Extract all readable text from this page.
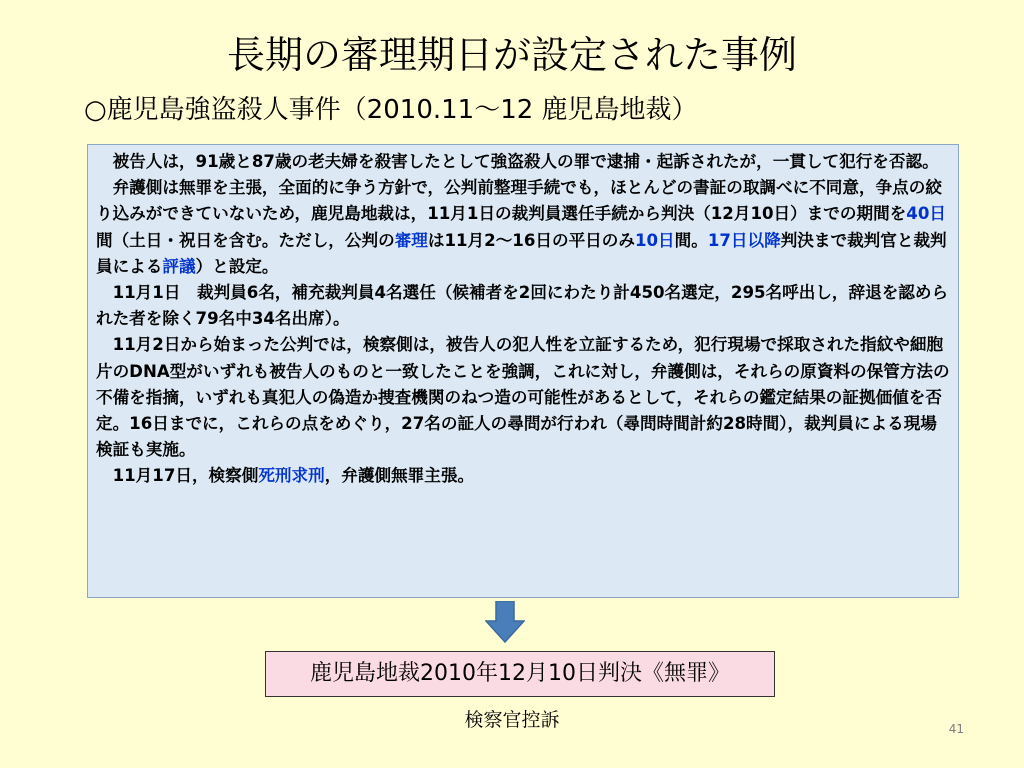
長期の審理期日が設定された事例
○鹿児島強盗殺人事件（2010.11～12 鹿児島地裁）

被告人は，91歳と87歳の老夫婦を殺害したとして強盗殺人の罪で逮捕・起訴されたが，一貫して犯行を否認。

弁護側は無罪を主張，全面的に争う方針で，公判前整理手続でも，ほとんどの書証の取調べに不同意，争点の絞り込みができていないため，鹿児島地裁は，11月1日の裁判員選任手続から判決（12月10日）までの期間を40日間（土日・祝日を含む。ただし，公判の審理は11月2～16日の平日のみ10日間。17日以降判決まで裁判官と裁判員による評議）と設定。

11月1日　裁判員6名，補充裁判員4名選任（候補者を2回にわたり計450名選定，295名呼出し，辞退を認められた者を除く79名中34名出席）。

11月2日から始まった公判では，検察側は，被告人の犯人性を立証するため，犯行現場で採取された指紋や細胞片のDNA型がいずれも被告人のものと一致したことを強調，これに対し，弁護側は，それらの原資料の保管方法の不備を指摘，いずれも真犯人の偽造か捜査機関のねつ造の可能性があるとして，それらの鑑定結果の証拠価値を否定。16日までに，これらの点をめぐり，27名の証人の尋問が行われ（尋問時間計約28時間），裁判員による現場検証も実施。

11月17日，検察側死刑求刑，弁護側無罪主張。

鹿児島地裁2010年12月10日判決《無罪》
検察官控訴	41
